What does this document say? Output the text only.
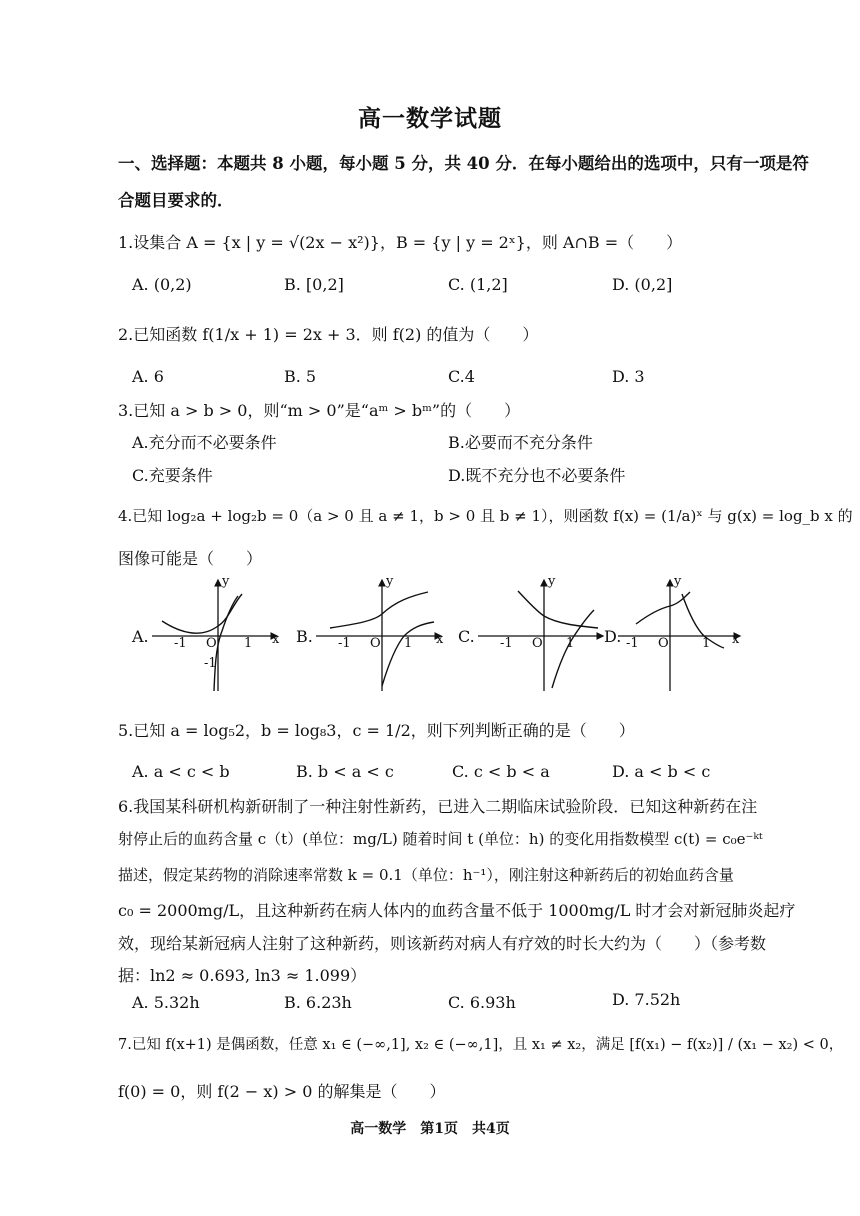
高一数学试题
一、选择题：本题共 8 小题，每小题 5 分，共 40 分．在每小题给出的选项中，只有一项是符
合题目要求的．
1.设集合 A = {x | y = √(2x − x²)}，B = {y | y = 2ˣ}，则 A∩B =（　　）
A. (0,2)	B. [0,2]	C. (1,2]	D. (0,2]
2.已知函数 f(1/x + 1) = 2x + 3．则 f(2) 的值为（　　）
A. 6	B. 5	C.4	D. 3
3.已知 a > b > 0，则“m > 0”是“aᵐ > bᵐ”的（　　）
A.充分而不必要条件	B.必要而不充分条件
C.充要条件	D.既不充分也不必要条件
4.已知 log₂a + log₂b = 0（a > 0 且 a ≠ 1，b > 0 且 b ≠ 1），则函数 f(x) = (1/a)ˣ 与 g(x) = log_b x 的
图像可能是（　　）
A.	B.	C.	D.
y
x
O
-1	1
-1
y
x
O
-1	1
y
O
-1	1
y
x
O
-1	1
5.已知 a = log₅2，b = log₈3，c = 1/2，则下列判断正确的是（　　）
A. a < c < b	B. b < a < c	C. c < b < a	D. a < b < c
6.我国某科研机构新研制了一种注射性新药，已进入二期临床试验阶段．已知这种新药在注
射停止后的血药含量 c（t）(单位：mg/L) 随着时间 t (单位：h) 的变化用指数模型 c(t) = c₀e⁻ᵏᵗ
描述，假定某药物的消除速率常数 k = 0.1（单位：h⁻¹），刚注射这种新药后的初始血药含量
c₀ = 2000mg/L，且这种新药在病人体内的血药含量不低于 1000mg/L 时才会对新冠肺炎起疗
效，现给某新冠病人注射了这种新药，则该新药对病人有疗效的时长大约为（　　）（参考数
据：ln2 ≈ 0.693, ln3 ≈ 1.099）
A. 5.32h	B. 6.23h	C. 6.93h	D. 7.52h
7.已知 f(x+1) 是偶函数，任意 x₁ ∈ (−∞,1], x₂ ∈ (−∞,1]，且 x₁ ≠ x₂，满足 [f(x₁) − f(x₂)] / (x₁ − x₂) < 0，
f(0) = 0，则 f(2 − x) > 0 的解集是（　　）
高一数学　第1页　共4页
